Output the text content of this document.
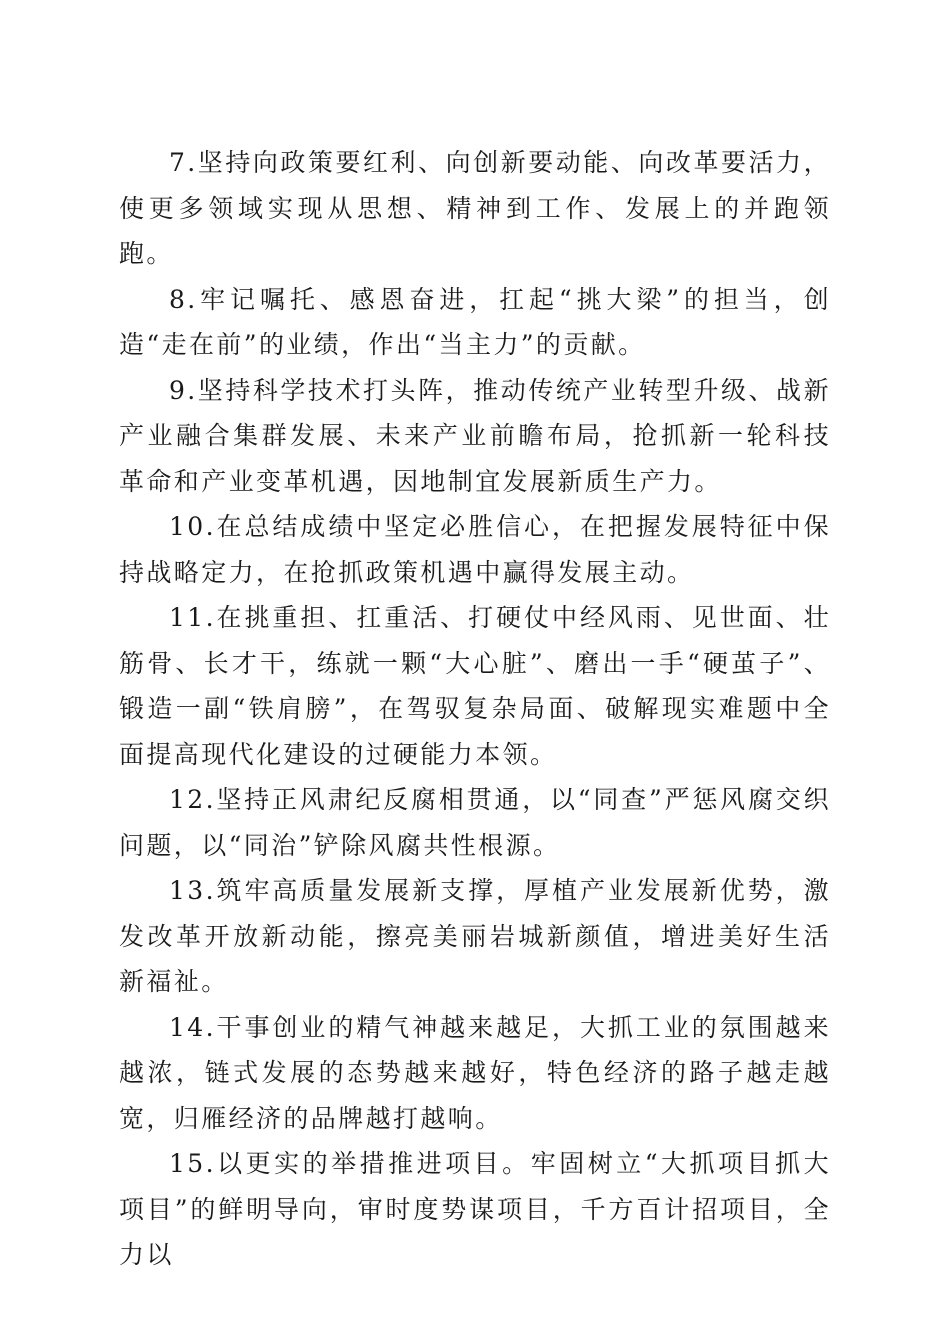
7.坚持向政策要红利、向创新要动能、向改革要活力，使更多领域实现从思想、精神到工作、发展上的并跑领跑。

8.牢记嘱托、感恩奋进，扛起“挑大梁”的担当，创造“走在前”的业绩，作出“当主力”的贡献。

9.坚持科学技术打头阵，推动传统产业转型升级、战新产业融合集群发展、未来产业前瞻布局，抢抓新一轮科技革命和产业变革机遇，因地制宜发展新质生产力。

10.在总结成绩中坚定必胜信心，在把握发展特征中保持战略定力，在抢抓政策机遇中赢得发展主动。

11.在挑重担、扛重活、打硬仗中经风雨、见世面、壮筋骨、长才干，练就一颗“大心脏”、磨出一手“硬茧子”、锻造一副“铁肩膀”，在驾驭复杂局面、破解现实难题中全面提高现代化建设的过硬能力本领。

12.坚持正风肃纪反腐相贯通，以“同查”严惩风腐交织问题，以“同治”铲除风腐共性根源。

13.筑牢高质量发展新支撑，厚植产业发展新优势，激发改革开放新动能，擦亮美丽岩城新颜值，增进美好生活新福祉。

14.干事创业的精气神越来越足，大抓工业的氛围越来越浓，链式发展的态势越来越好，特色经济的路子越走越宽，归雁经济的品牌越打越响。

15.以更实的举措推进项目。牢固树立“大抓项目抓大项目”的鲜明导向，审时度势谋项目，千方百计招项目，全力以
